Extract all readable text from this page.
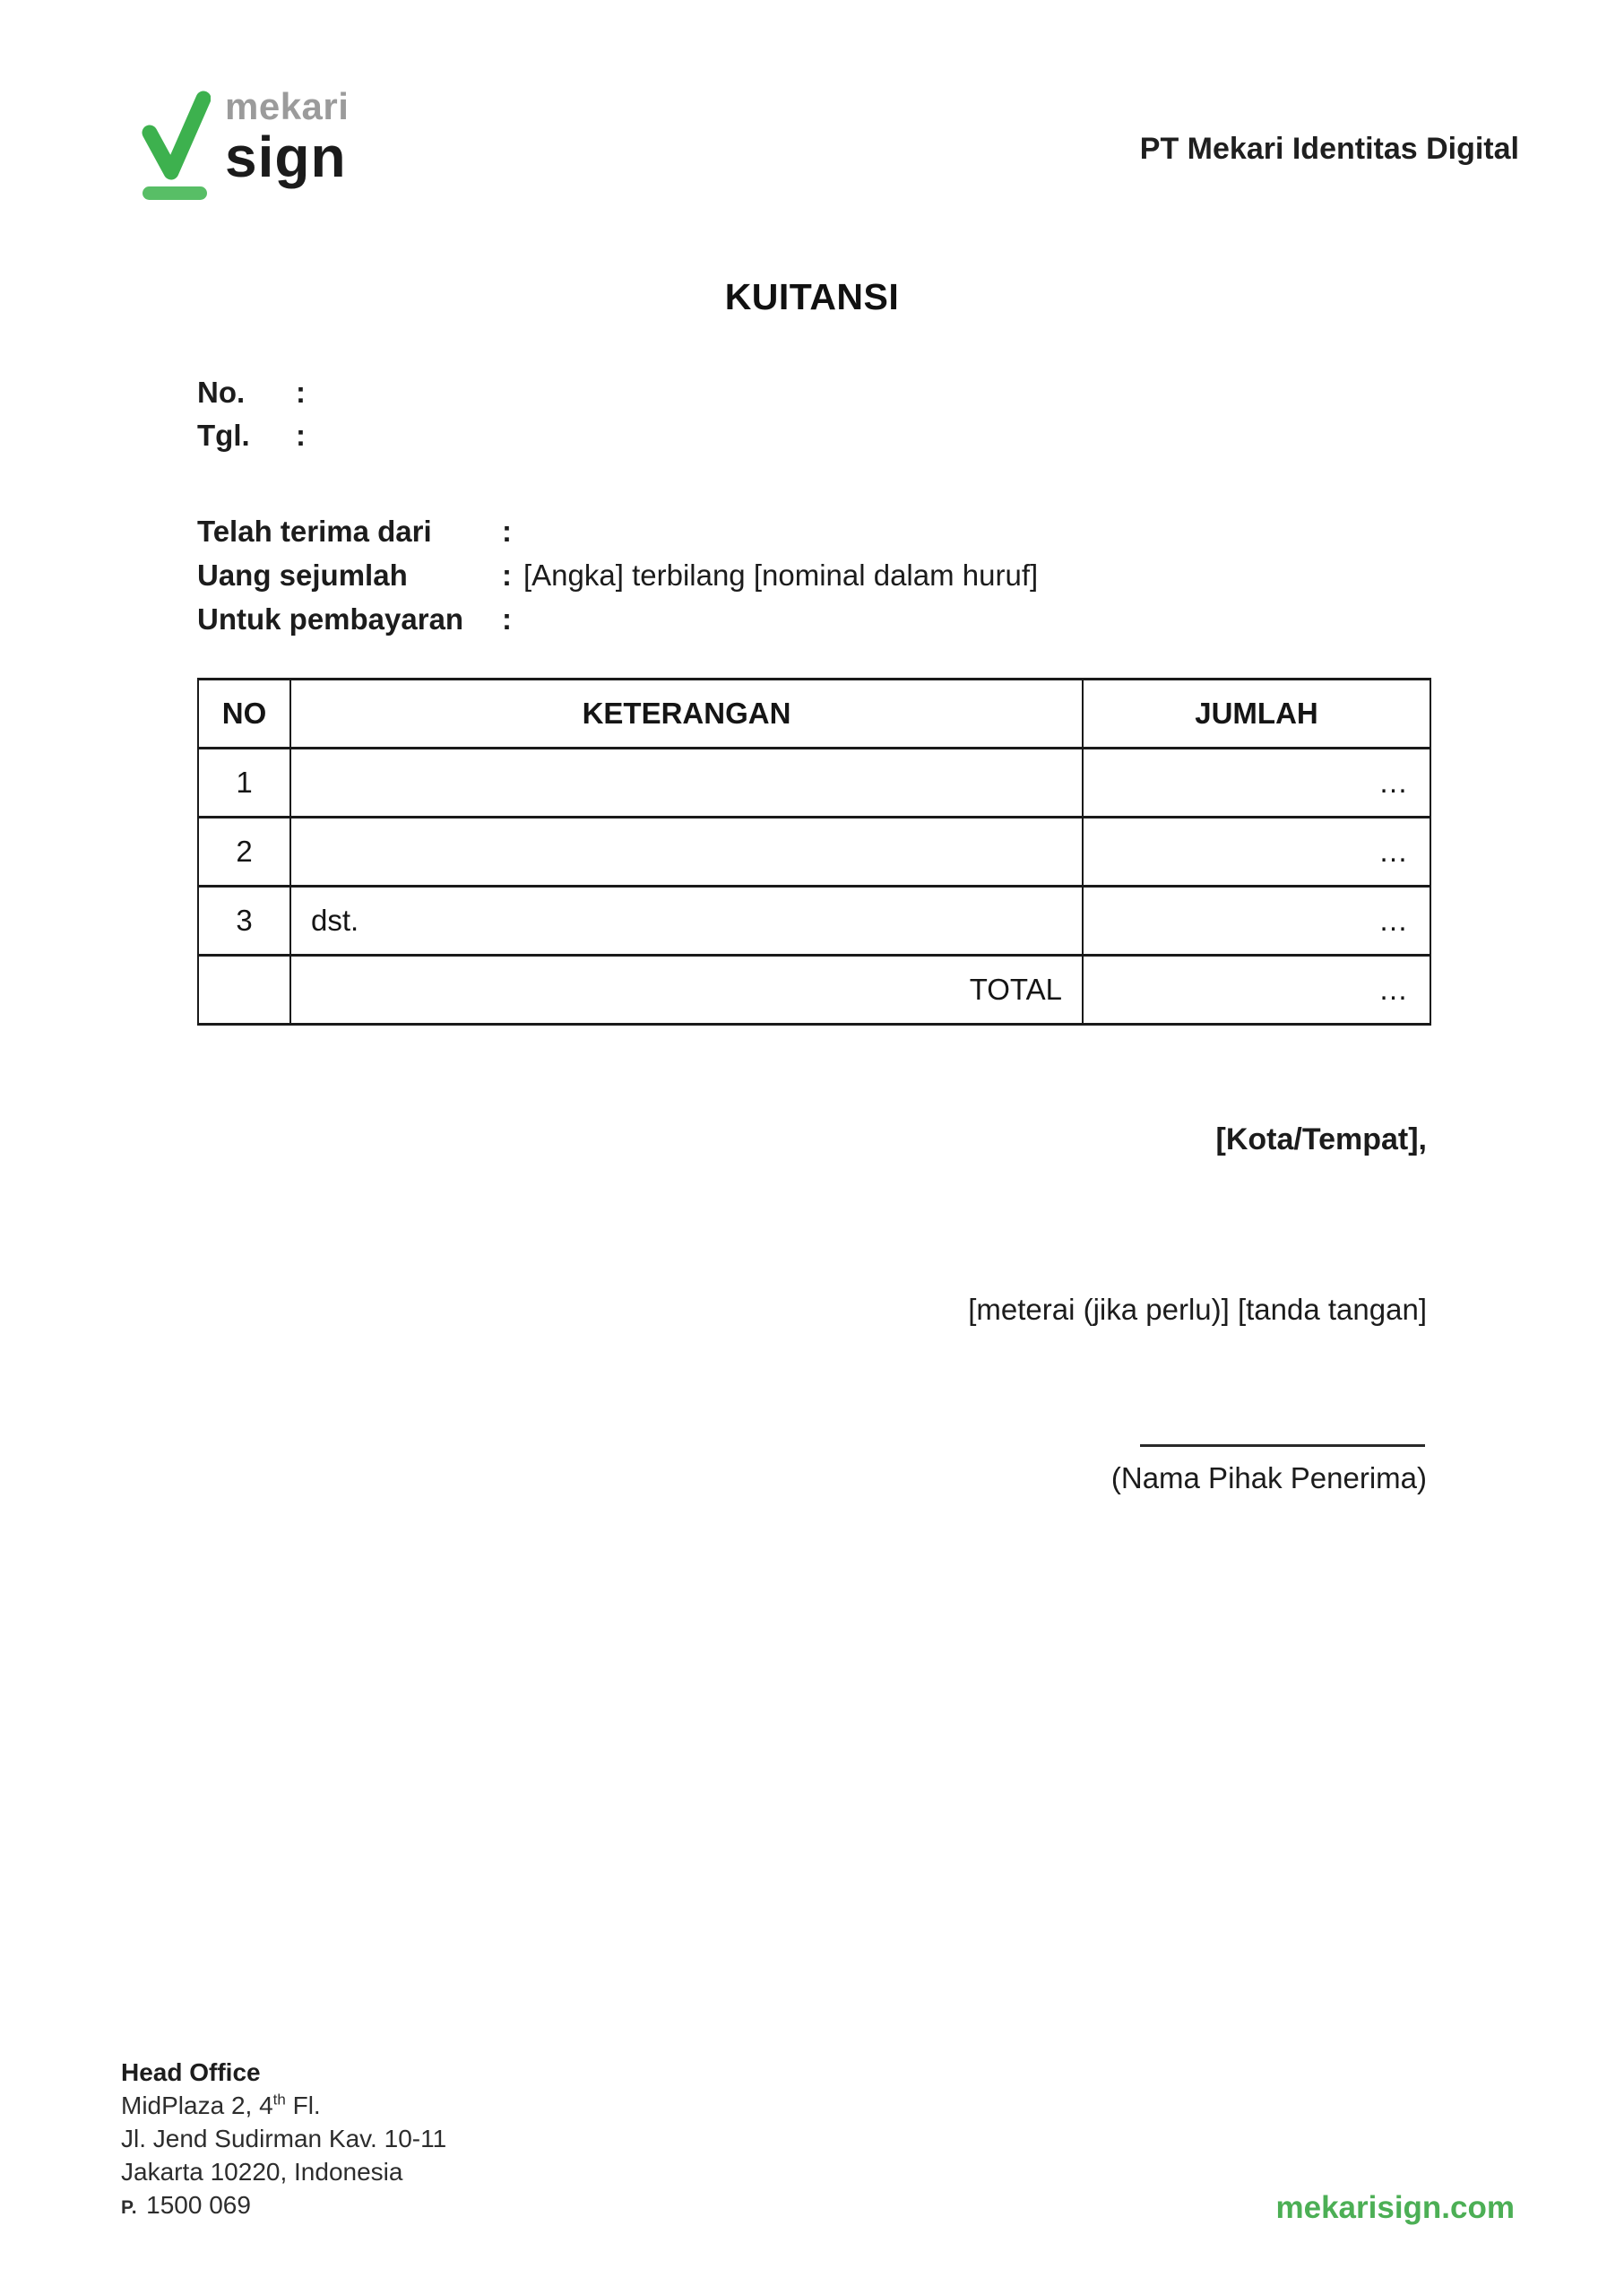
mekari
sign	PT Mekari Identitas Digital
KUITANSI
No.	:
Tgl.	:
Telah terima dari	:
Uang sejumlah	: [Angka] terbilang [nominal dalam huruf]
Untuk pembayaran	:
NO	KETERANGAN	JUMLAH
1		…
2		…
3	dst.	…
	TOTAL	…
[Kota/Tempat],
[meterai (jika perlu)] [tanda tangan]
(Nama Pihak Penerima)
Head Office
MidPlaza 2, 4th Fl.
Jl. Jend Sudirman Kav. 10-11
Jakarta 10220, Indonesia
P. 1500 069	mekarisign.com
